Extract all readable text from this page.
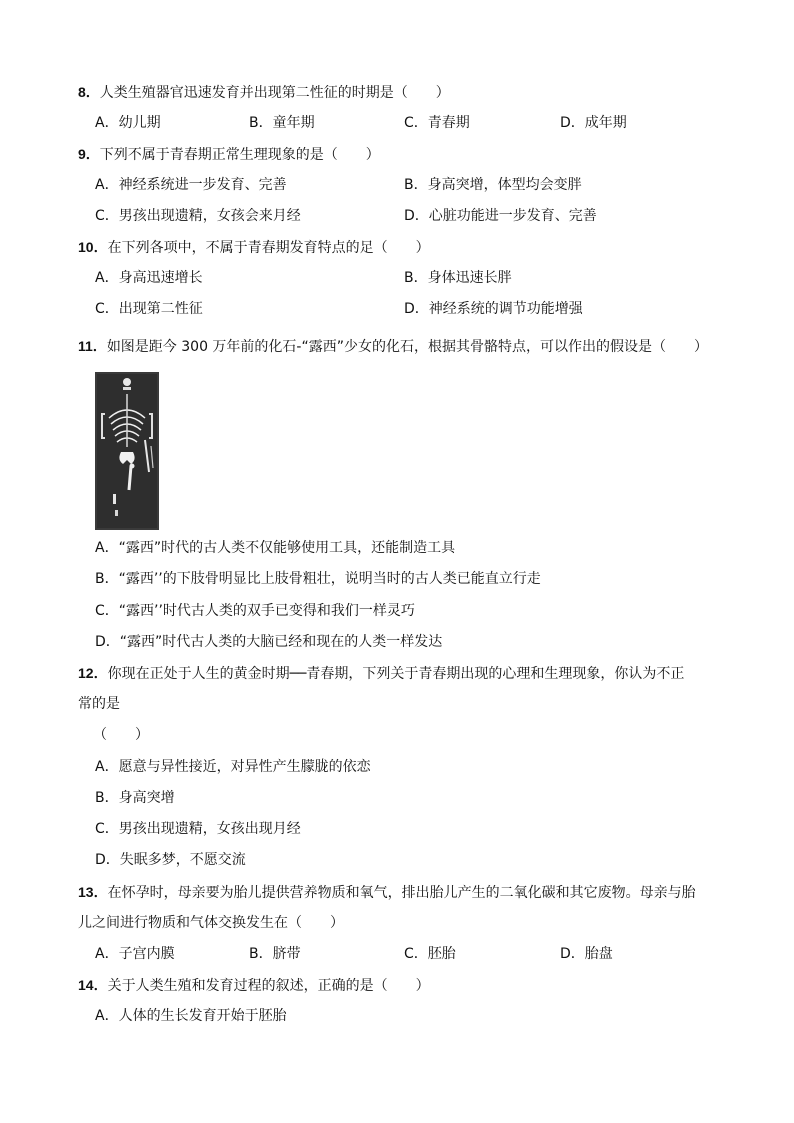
8．人类生殖器官迅速发育并出现第二性征的时期是（　　）
A．幼儿期	B．童年期	C．青春期	D．成年期
9．下列不属于青春期正常生理现象的是（　　）
A．神经系统进一步发育、完善	B．身高突增，体型均会变胖
C．男孩出现遗精，女孩会来月经	D．心脏功能进一步发育、完善
10．在下列各项中，不属于青春期发育特点的足（　　）
A．身高迅速增长	B．身体迅速长胖
C．出现第二性征	D．神经系统的调节功能增强
11．如图是距今 300 万年前的化石-“露西”少女的化石，根据其骨骼特点，可以作出的假设是（　　）
A．“露西”时代的古人类不仅能够使用工具，还能制造工具
B．“露西’’的下肢骨明显比上肢骨粗壮，说明当时的古人类已能直立行走
C．“露西’’时代古人类的双手已变得和我们一样灵巧
D．“露西”时代古人类的大脑已经和现在的人类一样发达
12．你现在正处于人生的黄金时期──青春期，下列关于青春期出现的心理和生理现象，你认为不正
常的是
（　　）
A．愿意与异性接近，对异性产生朦胧的依恋
B．身高突增
C．男孩出现遗精，女孩出现月经
D．失眠多梦，不愿交流
13．在怀孕时，母亲要为胎儿提供营养物质和氧气，排出胎儿产生的二氧化碳和其它废物。母亲与胎
儿之间进行物质和气体交换发生在（　　）
A．子宫内膜	B．脐带	C．胚胎	D．胎盘
14．关于人类生殖和发育过程的叙述，正确的是（　　）
A．人体的生长发育开始于胚胎
